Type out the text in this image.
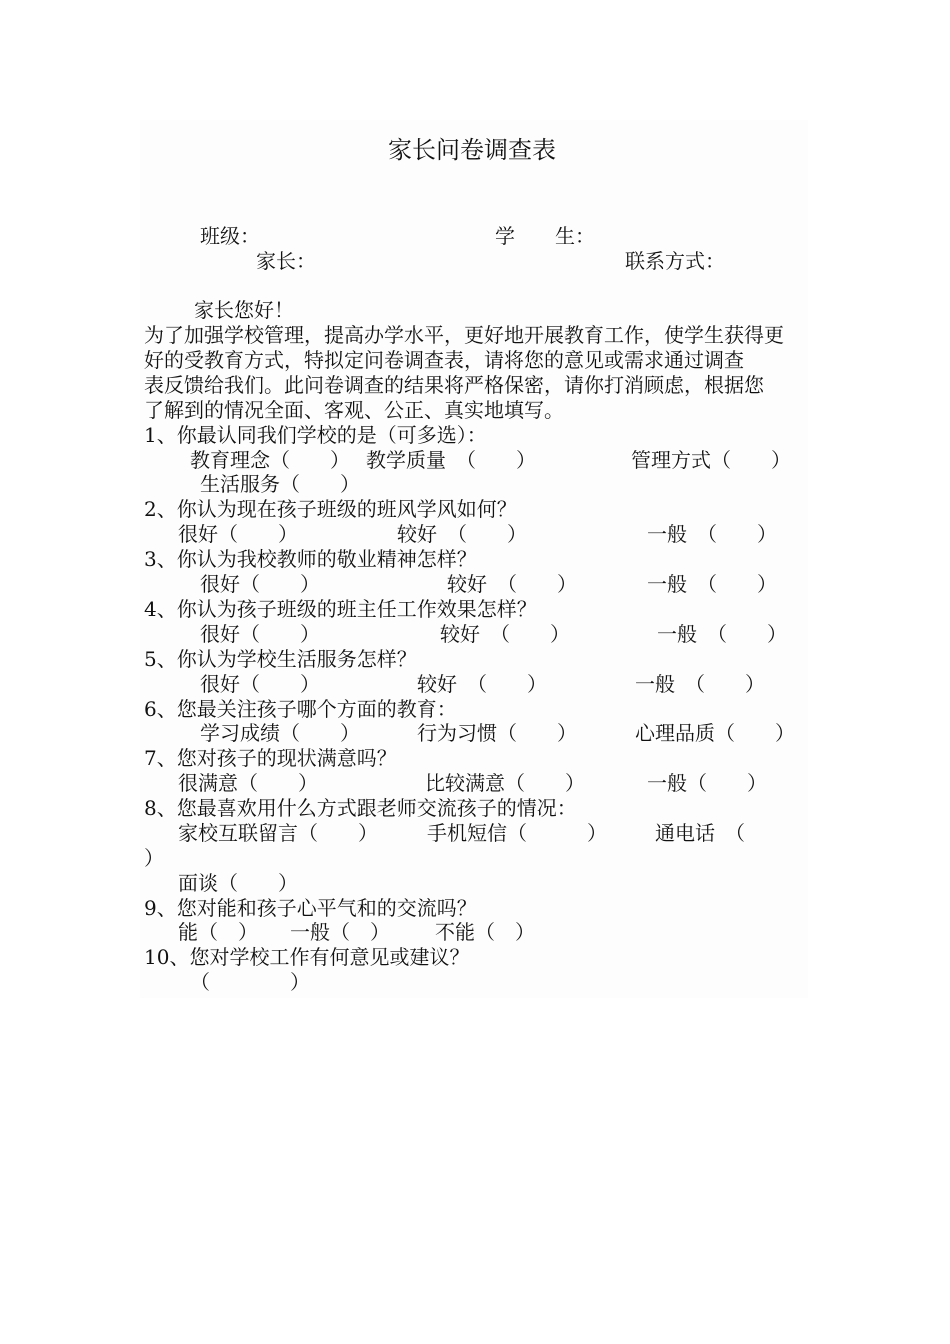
家长问卷调查表
班级：	学　　生：
家长：	联系方式：
家长您好！
为了加强学校管理，提高办学水平，更好地开展教育工作，使学生获得更
好的受教育方式，特拟定问卷调查表，请将您的意见或需求通过调查
表反馈给我们。此问卷调查的结果将严格保密，请你打消顾虑，根据您
了解到的情况全面、客观、公正、真实地填写。
1、你最认同我们学校的是（可多选）：
教育理念（　　） 教学质量　（　　）	管理方式（　　）
生活服务（　　）
2、你认为现在孩子班级的班风学风如何？
很好（　　）	较好　（　　）	一般　（　　）
3、你认为我校教师的敬业精神怎样？
很好（　　）	较好　（　　）	一般　（　　）
4、你认为孩子班级的班主任工作效果怎样？
很好（　　）	较好　（　　）	一般　（　　）
5、你认为学校生活服务怎样？
很好（　　）	较好　（　　）	一般　（　　）
6、您最关注孩子哪个方面的教育：
学习成绩（　　）	行为习惯（　　）	心理品质（　　）
7、您对孩子的现状满意吗？
很满意（　　）	比较满意（　　）	一般（　　）
8、您最喜欢用什么方式跟老师交流孩子的情况：
家校互联留言（　　） 手机短信（　　　） 通电话　（
）
面谈（　　）
9、您对能和孩子心平气和的交流吗？
能（　） 一般（　） 不能（　）
10、您对学校工作有何意见或建议？
（　　　　）
